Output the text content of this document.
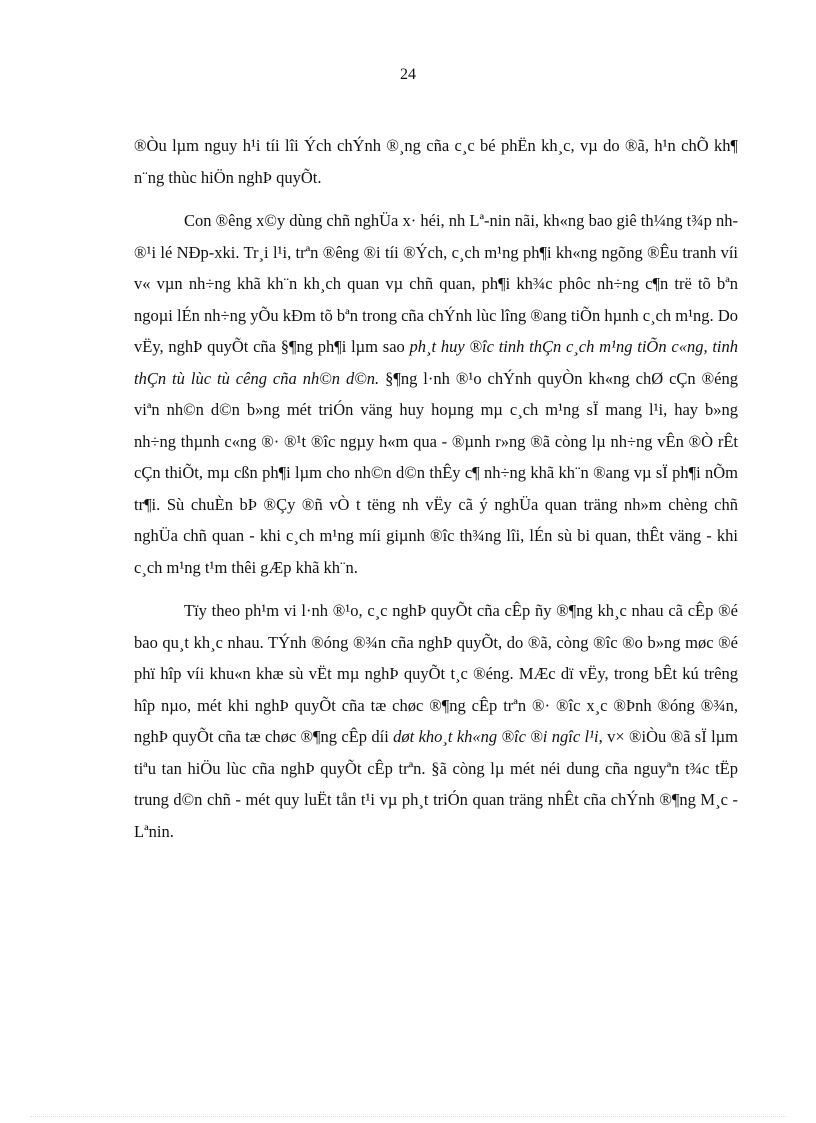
24

®Òu lµm nguy h¹i tíi lîi Ých chÝnh ®¸ng cña c¸c bé phËn kh¸c, vµ do ®ã, h¹n chÕ kh¶ n¨ng thùc hiÖn nghÞ quyÕt.

Con ®êng x©y dùng chñ nghÜa x· héi, nh Lª-nin nãi, kh«ng bao giê th¼ng t¾p nh ®¹i lé NÐp-xki. Tr¸i l¹i, trªn ®êng ®i tíi ®Ých, c¸ch m¹ng ph¶i kh«ng ngõng ®Êu tranh víi v« vµn nh÷ng khã kh¨n kh¸ch quan vµ chñ quan, ph¶i kh¾c phôc nh÷ng c¶n trë tõ bªn ngoµi lÉn nh÷ng yÕu kÐm tõ bªn trong cña chÝnh lùc lîng ®ang tiÕn hµnh c¸ch m¹ng. Do vËy, nghÞ quyÕt cña §¶ng ph¶i lµm sao ph¸t huy ®îc tinh thÇn c¸ch m¹ng tiÕn c«ng, tinh thÇn tù lùc tù cêng cña nh©n d©n. §¶ng l·nh ®¹o chÝnh quyÒn kh«ng chØ cÇn ®éng viªn nh©n d©n b»ng mét triÓn väng huy hoµng mµ c¸ch m¹ng sÏ mang l¹i, hay b»ng nh÷ng thµnh c«ng ®· ®¹t ®îc ngµy h«m qua - ®µnh r»ng ®ã còng lµ nh÷ng vÊn ®Ò rÊt cÇn thiÕt, mµ cßn ph¶i lµm cho nh©n d©n thÊy c¶ nh÷ng khã kh¨n ®ang vµ sÏ ph¶i nÕm tr¶i. Sù chuÈn bÞ ®Çy ®ñ vÒ t tëng nh vËy cã ý nghÜa quan träng nh»m chèng chñ nghÜa chñ quan - khi c¸ch m¹ng míi giµnh ®îc th¾ng lîi, lÉn sù bi quan, thÊt väng - khi c¸ch m¹ng t¹m thêi gÆp khã kh¨n.

Tïy theo ph¹m vi l·nh ®¹o, c¸c nghÞ quyÕt cña cÊp ñy ®¶ng kh¸c nhau cã cÊp ®é bao qu¸t kh¸c nhau. TÝnh ®óng ®¾n cña nghÞ quyÕt, do ®ã, còng ®îc ®o b»ng møc ®é phï hîp víi khu«n khæ sù vËt mµ nghÞ quyÕt t¸c ®éng. MÆc dï vËy, trong bÊt kú trêng hîp nµo, mét khi nghÞ quyÕt cña tæ chøc ®¶ng cÊp trªn ®· ®îc x¸c ®Þnh ®óng ®¾n, nghÞ quyÕt cña tæ chøc ®¶ng cÊp díi døt kho¸t kh«ng ®îc ®i ngîc l¹i, v× ®iÒu ®ã sÏ lµm tiªu tan hiÖu lùc cña nghÞ quyÕt cÊp trªn. §ã còng lµ mét néi dung cña nguyªn t¾c tËp trung d©n chñ - mét quy luËt tån t¹i vµ ph¸t triÓn quan träng nhÊt cña chÝnh ®¶ng M¸c - Lªnin.
